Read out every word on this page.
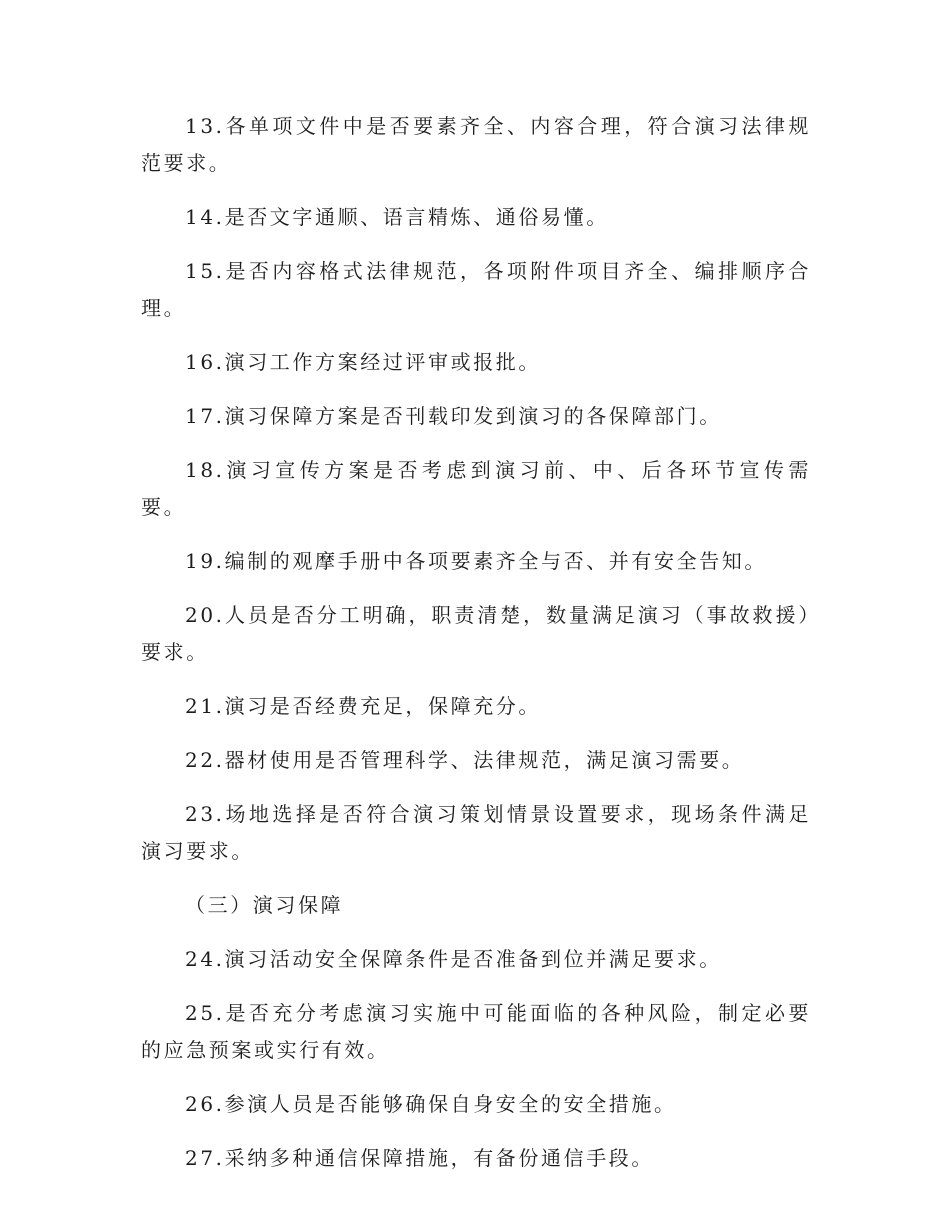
13.各单项文件中是否要素齐全、内容合理，符合演习法律规范要求。

14.是否文字通顺、语言精炼、通俗易懂。

15.是否内容格式法律规范，各项附件项目齐全、编排顺序合理。

16.演习工作方案经过评审或报批。

17.演习保障方案是否刊载印发到演习的各保障部门。

18.演习宣传方案是否考虑到演习前、中、后各环节宣传需要。

19.编制的观摩手册中各项要素齐全与否、并有安全告知。

20.人员是否分工明确，职责清楚，数量满足演习（事故救援）要求。

21.演习是否经费充足，保障充分。

22.器材使用是否管理科学、法律规范，满足演习需要。

23.场地选择是否符合演习策划情景设置要求，现场条件满足演习要求。

（三）演习保障

24.演习活动安全保障条件是否准备到位并满足要求。

25.是否充分考虑演习实施中可能面临的各种风险，制定必要的应急预案或实行有效。

26.参演人员是否能够确保自身安全的安全措施。

27.采纳多种通信保障措施，有备份通信手段。
